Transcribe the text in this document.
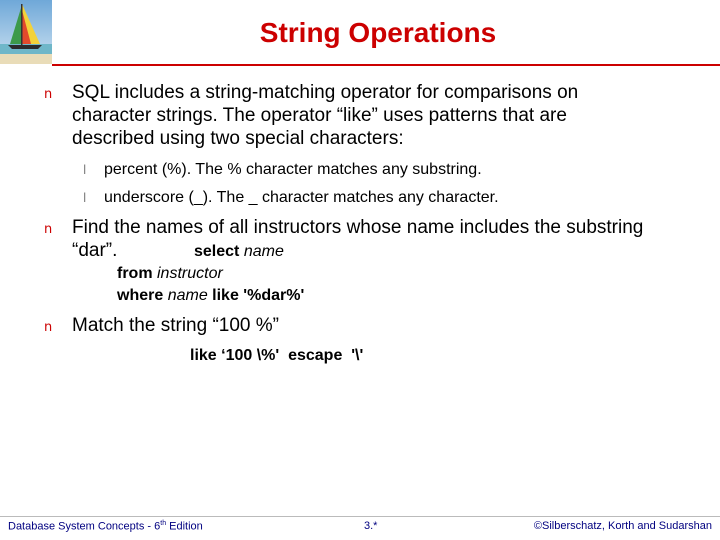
String Operations
n SQL includes a string-matching operator for comparisons on
character strings. The operator “like” uses patterns that are
described using two special characters:
l percent (%). The % character matches any substring.
l underscore (_). The _ character matches any character.
n Find the names of all instructors whose name includes the substring
“dar”.	select name
from instructor
where name like '%dar%'
n Match the string “100 %”
like ‘100 \%'  escape  '\'
Database System Concepts - 6th Edition	3.*	©Silberschatz, Korth and Sudarshan
